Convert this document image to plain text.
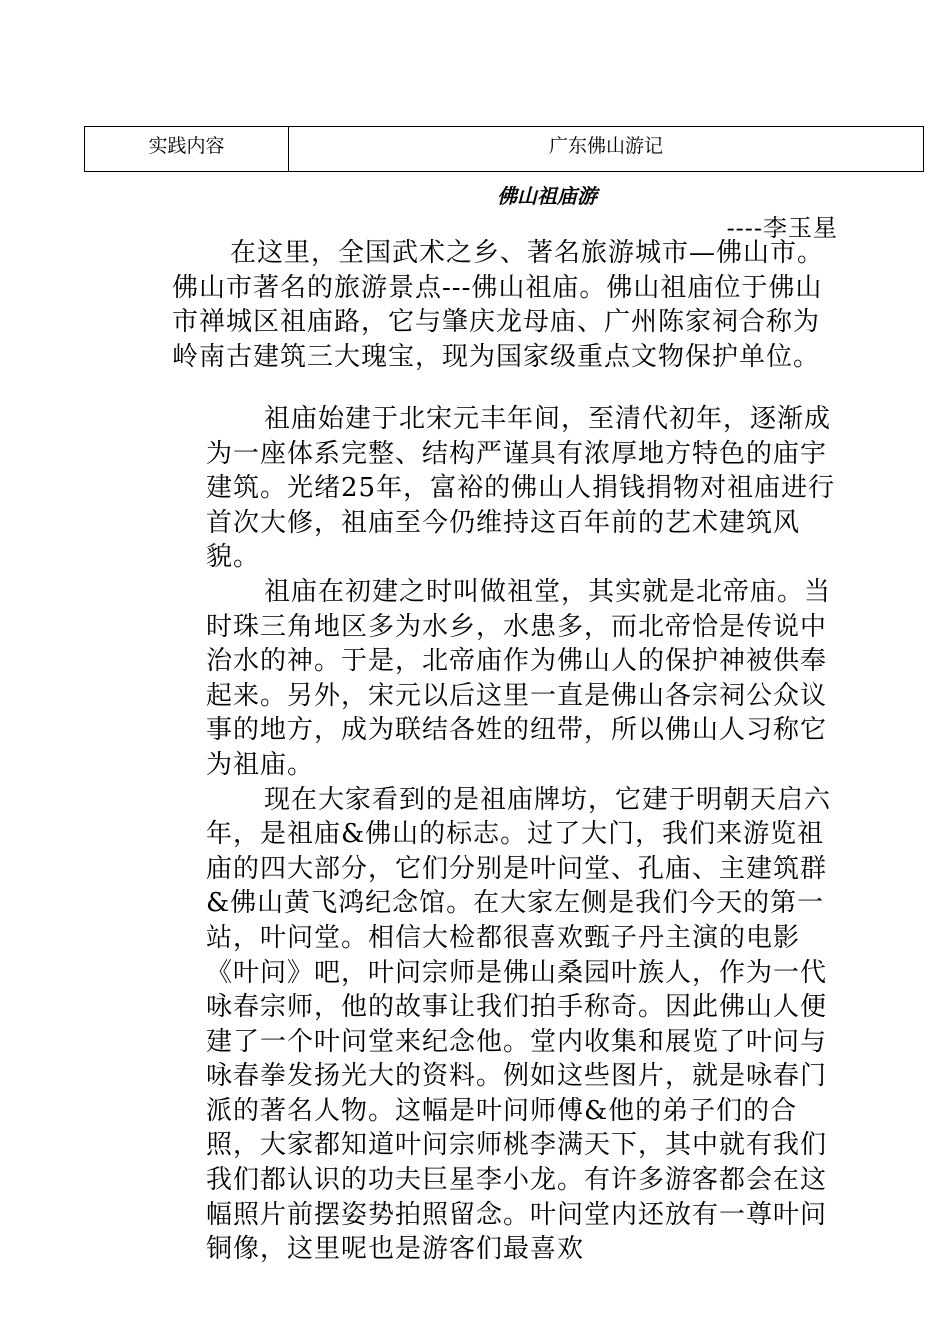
实践内容	广东佛山游记
佛山祖庙游
----李玉星

在这里，全国武术之乡、著名旅游城市—佛山市。佛山市著名的旅游景点---佛山祖庙。佛山祖庙位于佛山市禅城区祖庙路，它与肇庆龙母庙、广州陈家祠合称为岭南古建筑三大瑰宝，现为国家级重点文物保护单位。

祖庙始建于北宋元丰年间，至清代初年，逐渐成为一座体系完整、结构严谨具有浓厚地方特色的庙宇建筑。光绪25年，富裕的佛山人捐钱捐物对祖庙进行首次大修，祖庙至今仍维持这百年前的艺术建筑风貌。

祖庙在初建之时叫做祖堂，其实就是北帝庙。当时珠三角地区多为水乡，水患多，而北帝恰是传说中治水的神。于是，北帝庙作为佛山人的保护神被供奉起来。另外，宋元以后这里一直是佛山各宗祠公众议事的地方，成为联结各姓的纽带，所以佛山人习称它为祖庙。

现在大家看到的是祖庙牌坊，它建于明朝天启六年，是祖庙&佛山的标志。过了大门，我们来游览祖庙的四大部分，它们分别是叶问堂、孔庙、主建筑群&佛山黄飞鸿纪念馆。在大家左侧是我们今天的第一站，叶问堂。相信大检都很喜欢甄子丹主演的电影《叶问》吧，叶问宗师是佛山桑园叶族人，作为一代咏春宗师，他的故事让我们拍手称奇。因此佛山人便建了一个叶问堂来纪念他。堂内收集和展览了叶问与咏春拳发扬光大的资料。例如这些图片，就是咏春门派的著名人物。这幅是叶问师傅&他的弟子们的合照，大家都知道叶问宗师桃李满天下，其中就有我们我们都认识的功夫巨星李小龙。有许多游客都会在这幅照片前摆姿势拍照留念。叶问堂内还放有一尊叶问铜像，这里呢也是游客们最喜欢
